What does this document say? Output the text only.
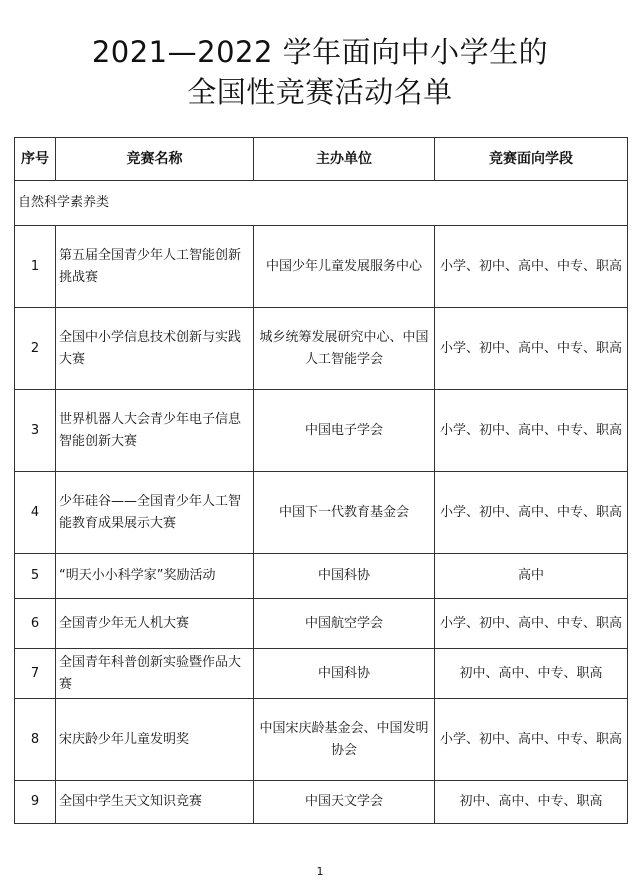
2021—2022 学年面向中小学生的
全国性竞赛活动名单
序号	竞赛名称	主办单位	竞赛面向学段
自然科学素养类			
1	第五届全国青少年人工智能创新挑战赛	中国少年儿童发展服务中心	小学、初中、高中、中专、职高
2	全国中小学信息技术创新与实践大赛	城乡统筹发展研究中心、中国人工智能学会	小学、初中、高中、中专、职高
3	世界机器人大会青少年电子信息智能创新大赛	中国电子学会	小学、初中、高中、中专、职高
4	少年硅谷——全国青少年人工智能教育成果展示大赛	中国下一代教育基金会	小学、初中、高中、中专、职高
5	“明天小小科学家”奖励活动	中国科协	高中
6	全国青少年无人机大赛	中国航空学会	小学、初中、高中、中专、职高
7	全国青年科普创新实验暨作品大赛	中国科协	初中、高中、中专、职高
8	宋庆龄少年儿童发明奖	中国宋庆龄基金会、中国发明协会	小学、初中、高中、中专、职高
9	全国中学生天文知识竞赛	中国天文学会	初中、高中、中专、职高
1
